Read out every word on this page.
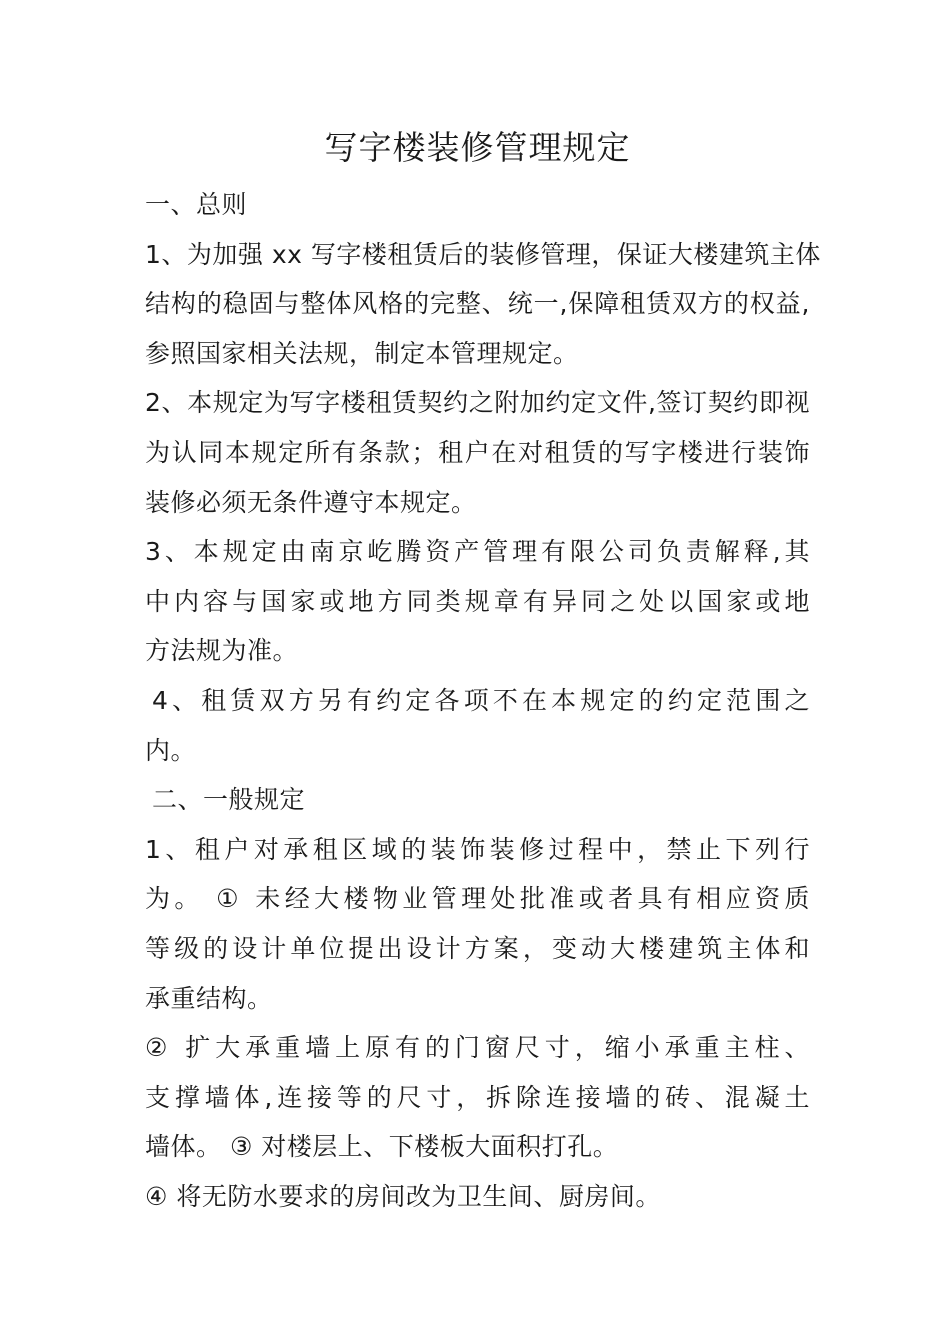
写字楼装修管理规定

一、总则

1、为加强 xx 写字楼租赁后的装修管理，保证大楼建筑主体

结构的稳固与整体风格的完整、统一,保障租赁双方的权益,

参照国家相关法规，制定本管理规定。

2、本规定为写字楼租赁契约之附加约定文件,签订契约即视

为认同本规定所有条款；租户在对租赁的写字楼进行装饰

装修必须无条件遵守本规定。

3、本规定由南京屹腾资产管理有限公司负责解释,其

中内容与国家或地方同类规章有异同之处以国家或地

方法规为准。

4、租赁双方另有约定各项不在本规定的约定范围之

内。

二、一般规定

1、租户对承租区域的装饰装修过程中，禁止下列行

为。 ① 未经大楼物业管理处批准或者具有相应资质

等级的设计单位提出设计方案，变动大楼建筑主体和

承重结构。

② 扩大承重墙上原有的门窗尺寸，缩小承重主柱、

支撑墙体,连接等的尺寸，拆除连接墙的砖、混凝土

墙体。 ③ 对楼层上、下楼板大面积打孔。

④ 将无防水要求的房间改为卫生间、厨房间。
